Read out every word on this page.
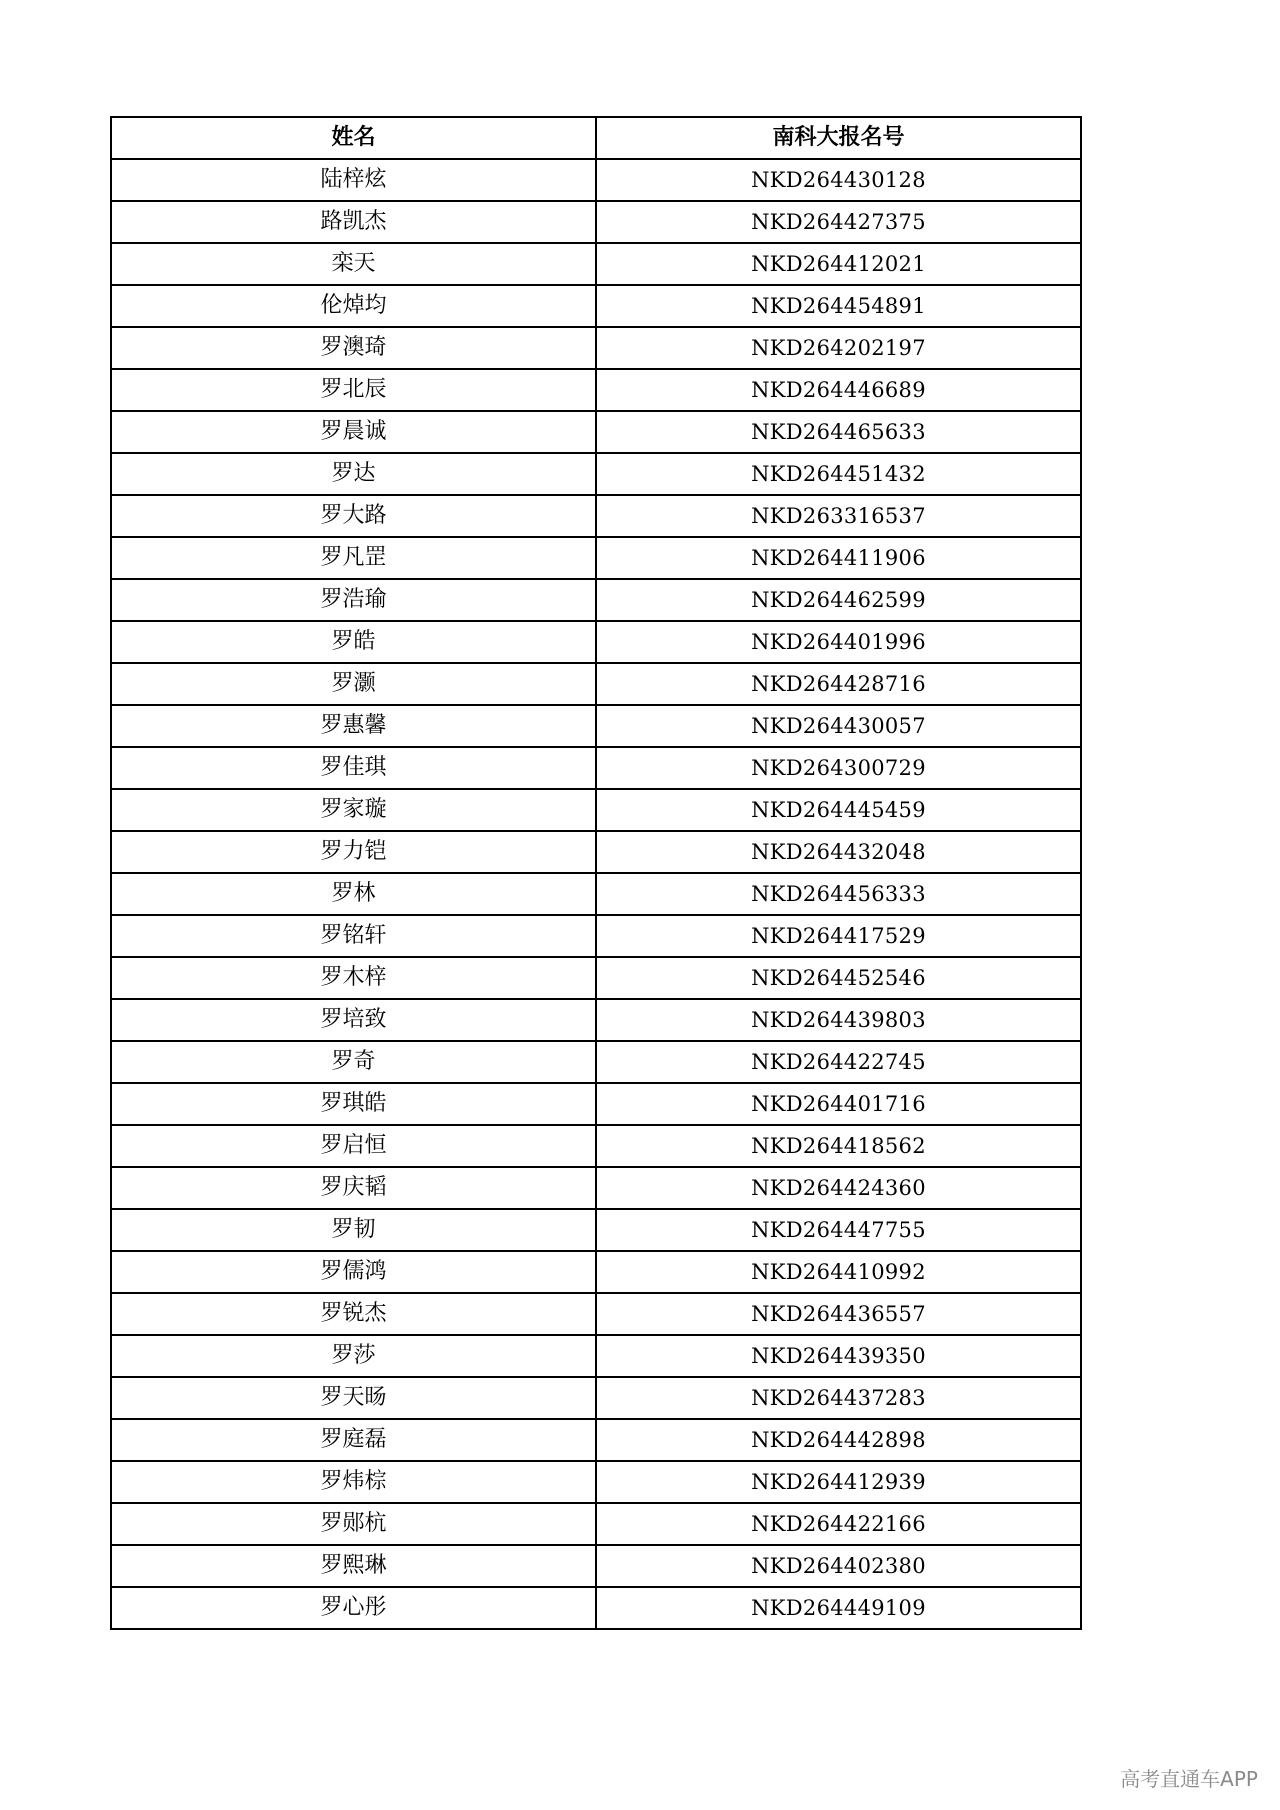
姓名	南科大报名号
陆梓炫	NKD264430128
路凯杰	NKD264427375
栾天	NKD264412021
伦焯均	NKD264454891
罗澳琦	NKD264202197
罗北辰	NKD264446689
罗晨诚	NKD264465633
罗达	NKD264451432
罗大路	NKD263316537
罗凡罡	NKD264411906
罗浩瑜	NKD264462599
罗皓	NKD264401996
罗灏	NKD264428716
罗惠馨	NKD264430057
罗佳琪	NKD264300729
罗家璇	NKD264445459
罗力铠	NKD264432048
罗林	NKD264456333
罗铭轩	NKD264417529
罗木梓	NKD264452546
罗培致	NKD264439803
罗奇	NKD264422745
罗琪皓	NKD264401716
罗启恒	NKD264418562
罗庆韬	NKD264424360
罗韧	NKD264447755
罗儒鸿	NKD264410992
罗锐杰	NKD264436557
罗莎	NKD264439350
罗天旸	NKD264437283
罗庭磊	NKD264442898
罗炜棕	NKD264412939
罗郧杭	NKD264422166
罗熙琳	NKD264402380
罗心彤	NKD264449109
高考直通车APP
